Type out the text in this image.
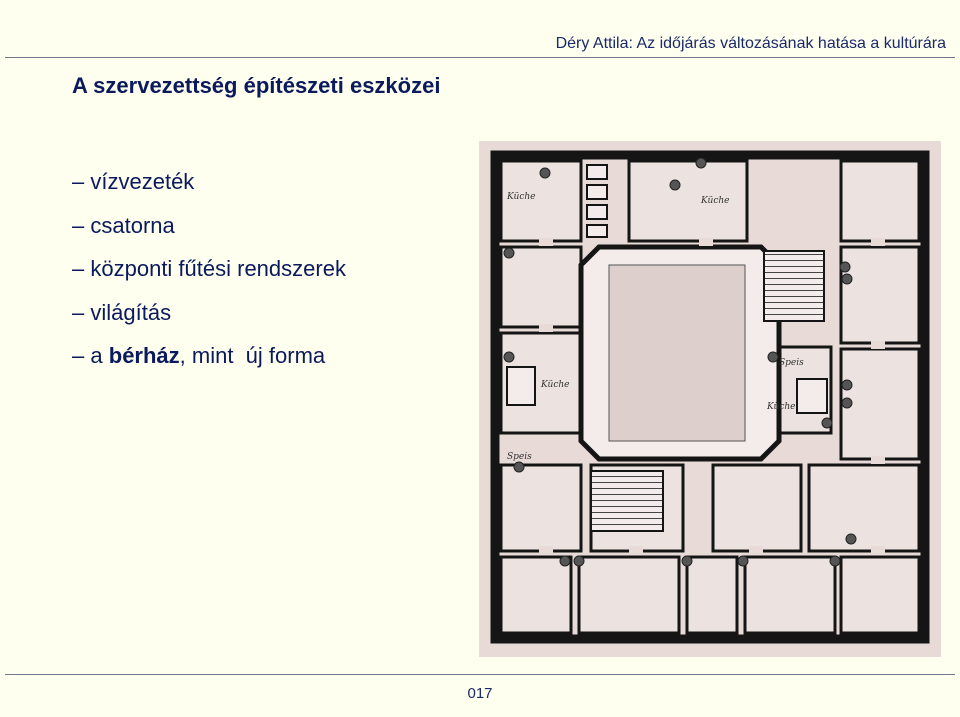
Déry Attila: Az időjárás változásának hatása a kultúrára
A szervezettség építészeti eszközei
– vízvezeték
– csatorna
– központi fűtési rendszerek
– világítás
– a bérház, mint  új forma
Küche	Küche
Küche
Küche
Speis
Speis
017
